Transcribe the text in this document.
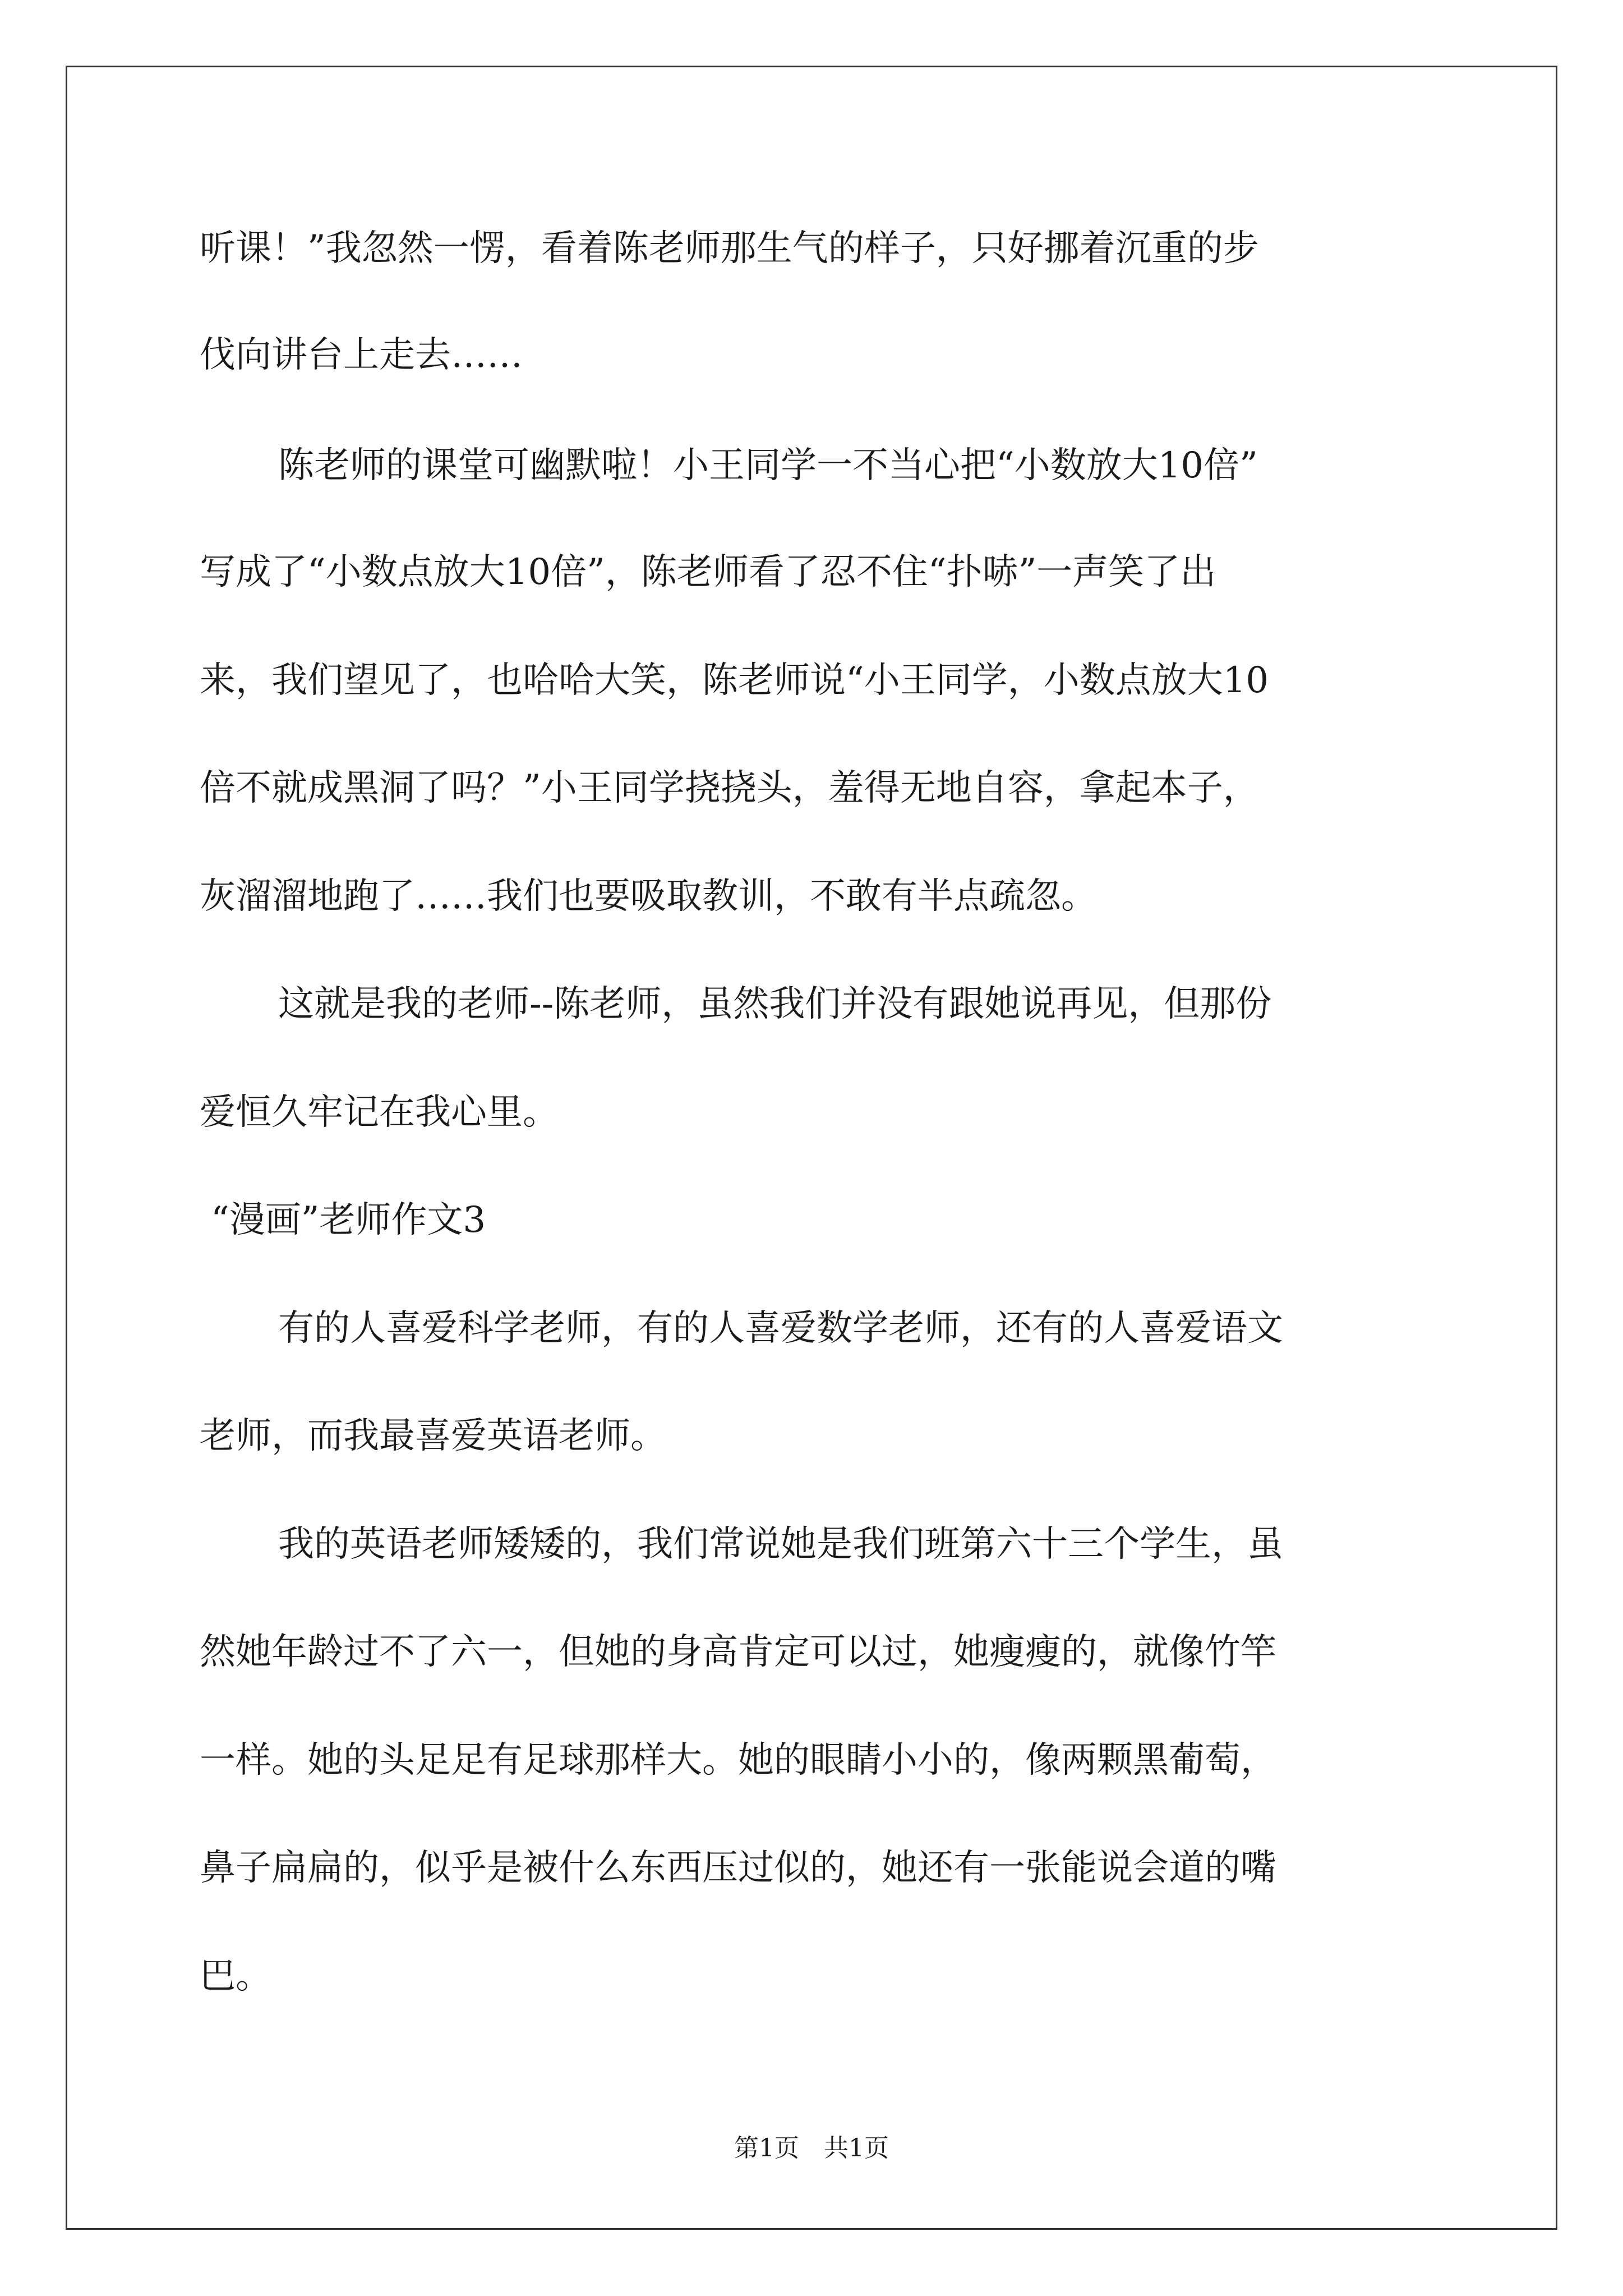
听课！”我忽然一愣，看着陈老师那生气的样子，只好挪着沉重的步
伐向讲台上走去……
陈老师的课堂可幽默啦！小王同学一不当心把“小数放大10倍”
写成了“小数点放大10倍”，陈老师看了忍不住“扑哧”一声笑了出
来，我们望见了，也哈哈大笑，陈老师说“小王同学，小数点放大10
倍不就成黑洞了吗？”小王同学挠挠头，羞得无地自容，拿起本子，
灰溜溜地跑了……我们也要吸取教训，不敢有半点疏忽。
这就是我的老师--陈老师，虽然我们并没有跟她说再见，但那份
爱恒久牢记在我心里。
“漫画”老师作文3
有的人喜爱科学老师，有的人喜爱数学老师，还有的人喜爱语文
老师，而我最喜爱英语老师。
我的英语老师矮矮的，我们常说她是我们班第六十三个学生，虽
然她年龄过不了六一，但她的身高肯定可以过，她瘦瘦的，就像竹竿
一样。她的头足足有足球那样大。她的眼睛小小的，像两颗黑葡萄，
鼻子扁扁的，似乎是被什么东西压过似的，她还有一张能说会道的嘴
巴。
第1页　共1页
